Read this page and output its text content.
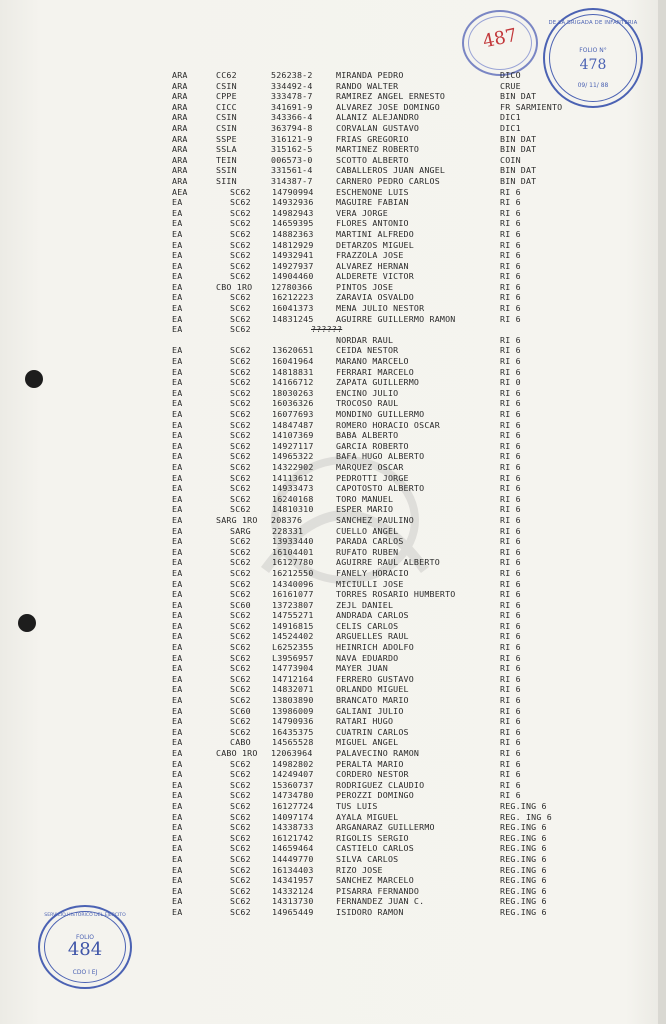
487
DE LA BRIGADA DE INFANTERIA
FOLIO N°
478
09/ 11/ 88
ARA	CC62	526238-2	MIRANDA PEDRO	DICO
ARA	CSIN	334492-4	RANDO WALTER	CRUE
ARA	CPPE	333478-7	RAMIREZ ANGEL ERNESTO	BIN DAT
ARA	CICC	341691-9	ALVAREZ JOSE DOMINGO	FR SARMIENTO
ARA	CSIN	343366-4	ALANIZ ALEJANDRO	DIC1
ARA	CSIN	363794-8	CORVALAN GUSTAVO	DIC1
ARA	SSPE	316121-9	FRIAS GREGORIO	BIN DAT
ARA	SSLA	315162-5	MARTINEZ ROBERTO	BIN DAT
ARA	TEIN	006573-0	SCOTTO ALBERTO	COIN
ARA	SSIN	331561-4	CABALLEROS JUAN ANGEL	BIN DAT
ARA	SIIN	314387-7	CARNERO PEDRO CARLOS	BIN DAT
AEA	SC62	14790994	ESCHENONE LUIS	RI 6
EA	SC62	14932936	MAGUIRE FABIAN	RI 6
EA	SC62	14982943	VERA JORGE	RI 6
EA	SC62	14659395	FLORES ANTONIO	RI 6
EA	SC62	14882363	MARTINI ALFREDO	RI 6
EA	SC62	14812929	DETARZOS MIGUEL	RI 6
EA	SC62	14932941	FRAZZOLA JOSE	RI 6
EA	SC62	14927937	ALVAREZ HERNAN	RI 6
EA	SC62	14904460	ALDERETE VICTOR	RI 6
EA	CBO 1RO 12780366	PINTOS JOSE	RI 6
EA	SC62	16212223	ZARAVIA OSVALDO	RI 6
EA	SC62	16041373	MENA JULIO NESTOR	RI 6
EA	SC62	14831245	AGUIRRE GUILLERMO RAMON	RI 6
EA	SC62	??????
NORDAR RAUL	RI 6
EA	SC62	13620651	CEIDA NESTOR	RI 6
EA	SC62	16041964	MARANO MARCELO	RI 6
EA	SC62	14818831	FERRARI MARCELO	RI 6
EA	SC62	14166712	ZAPATA GUILLERMO	RI 0
EA	SC62	18030263	ENCINO JULIO	RI 6
EA	SC62	16036326	TROCOSO RAUL	RI 6
EA	SC62	16077693	MONDINO GUILLERMO	RI 6
EA	SC62	14847487	ROMERO HORACIO OSCAR	RI 6
EA	SC62	14107369	BABA ALBERTO	RI 6
EA	SC62	14927117	GARCIA ROBERTO	RI 6
EA	SC62	14965322	BAFA HUGO ALBERTO	RI 6
EA	SC62	14322902	MARQUEZ OSCAR	RI 6
EA	SC62	14113612	PEDROTTI JORGE	RI 6
EA	SC62	14933473	CAPOTOSTO ALBERTO	RI 6
EA	SC62	16240168	TORO MANUEL	RI 6
EA	SC62	14810310	ESPER MARIO	RI 6
EA	SARG 1RO 208376	SANCHEZ PAULINO	RI 6
EA	SARG	228331	CUELLO ANGEL	RI 6
EA	SC62	13933440	PARADA CARLOS	RI 6
EA	SC62	16104401	RUFATO RUBEN	RI 6
EA	SC62	16127780	AGUIRRE RAUL ALBERTO	RI 6
EA	SC62	16212550	FANELY HORACIO	RI 6
EA	SC62	14340096	MICIULLI JOSE	RI 6
EA	SC62	16161077	TORRES ROSARIO HUMBERTO	RI 6
EA	SC60	13723807	ZEJL DANIEL	RI 6
EA	SC62	14755271	ANDRADA CARLOS	RI 6
EA	SC62	14916815	CELIS CARLOS	RI 6
EA	SC62	14524402	ARGUELLES RAUL	RI 6
EA	SC62	L6252355	HEINRICH ADOLFO	RI 6
EA	SC62	L3956957	NAVA EDUARDO	RI 6
EA	SC62	14773904	MAYER JUAN	RI 6
EA	SC62	14712164	FERRERO GUSTAVO	RI 6
EA	SC62	14832071	ORLANDO MIGUEL	RI 6
EA	SC62	13803890	BRANCATO MARIO	RI 6
EA	SC60	13986009	GALIANI JULIO	RI 6
EA	SC62	14790936	RATARI HUGO	RI 6
EA	SC62	16435375	CUATRIN CARLOS	RI 6
EA	CABO	14565528	MIGUEL ANGEL	RI 6
EA	CABO 1RO 12063964	PALAVECINO RAMON	RI 6
EA	SC62	14982802	PERALTA MARIO	RI 6
EA	SC62	14249407	CORDERO NESTOR	RI 6
EA	SC62	15360737	RODRIGUEZ CLAUDIO	RI 6
EA	SC62	14734780	PEROZZI DOMINGO	RI 6
EA	SC62	16127724	TUS LUIS	REG.ING 6
EA	SC62	14097174	AYALA MIGUEL	REG. ING 6
EA	SC62	14338733	ARGANARAZ GUILLERMO	REG.ING 6
EA	SC62	16121742	RIGOLIS SERGIO	REG.ING 6
EA	SC62	14659464	CASTIELO CARLOS	REG.ING 6
EA	SC62	14449770	SILVA CARLOS	REG.ING 6
EA	SC62	16134403	RIZO JOSE	REG.ING 6
EA	SC62	14341957	SANCHEZ MARCELO	REG.ING 6
EA	SC62	14332124	PISARRA FERNANDO	REG.ING 6
EA	SC62	14313730	FERNANDEZ JUAN C.	REG.ING 6
EA	SC62	14965449	ISIDORO RAMON	REG.ING 6
SERVICIO HISTORICO DEL EJERCITO
FOLIO
484
CDO I EJ
